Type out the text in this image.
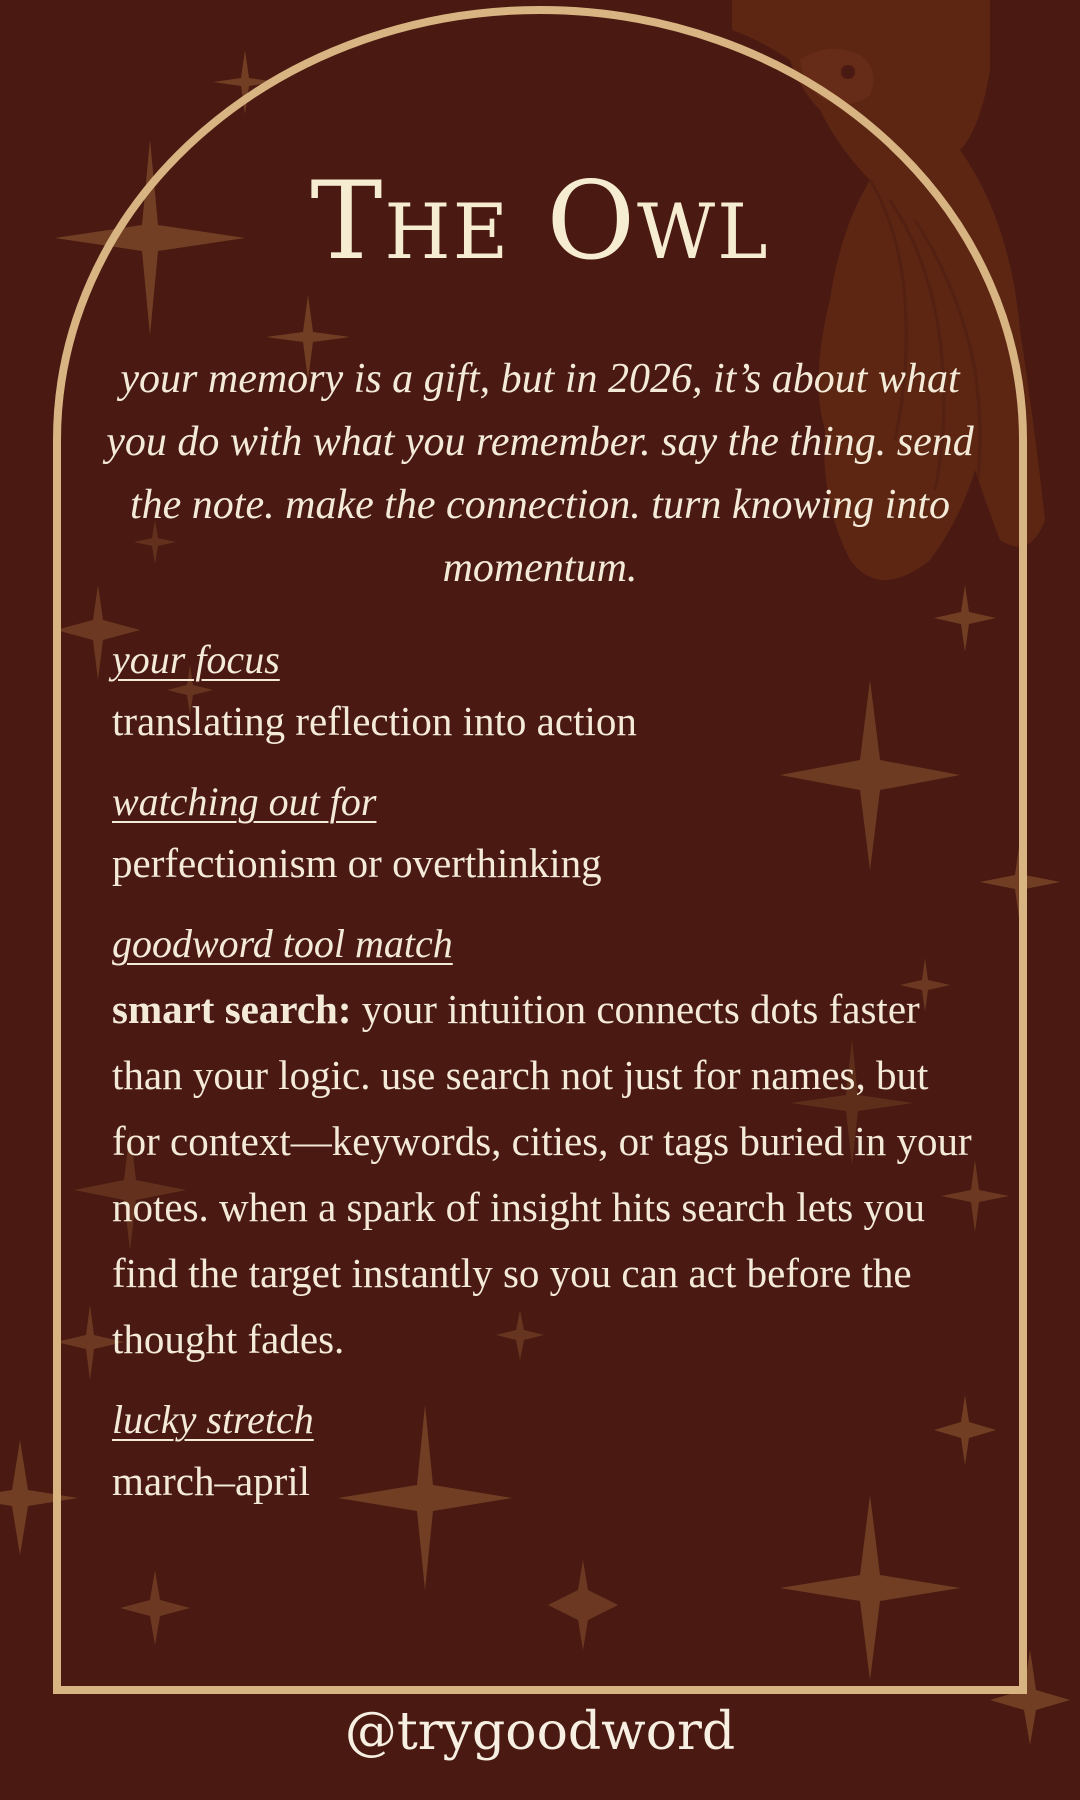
The Owl
your memory is a gift, but in 2026, it’s about what you do with what you remember. say the thing. send the note. make the connection. turn knowing into momentum.
your focus
translating reflection into action
watching out for
perfectionism or overthinking
goodword tool match
smart search: your intuition connects dots faster than your logic. use search not just for names, but for context—keywords, cities, or tags buried in your notes. when a spark of insight hits search lets you find the target instantly so you can act before the thought fades.
lucky stretch
march–april
@trygoodword
